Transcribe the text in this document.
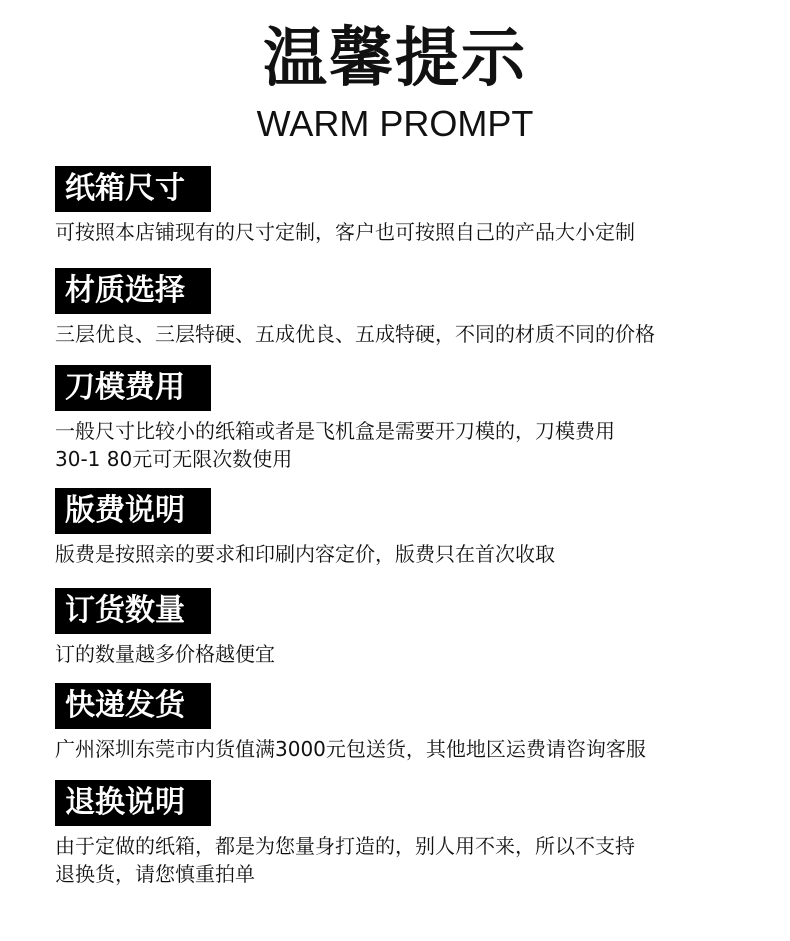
温馨提示
WARM PROMPT
纸箱尺寸
可按照本店铺现有的尺寸定制，客户也可按照自己的产品大小定制
材质选择
三层优良、三层特硬、五成优良、五成特硬，不同的材质不同的价格
刀模费用
一般尺寸比较小的纸箱或者是飞机盒是需要开刀模的，刀模费用
30-1 80元可无限次数使用
版费说明
版费是按照亲的要求和印刷内容定价，版费只在首次收取
订货数量
订的数量越多价格越便宜
快递发货
广州深圳东莞市内货值满3000元包送货，其他地区运费请咨询客服
退换说明
由于定做的纸箱，都是为您量身打造的，别人用不来，所以不支持
退换货，请您慎重拍单
